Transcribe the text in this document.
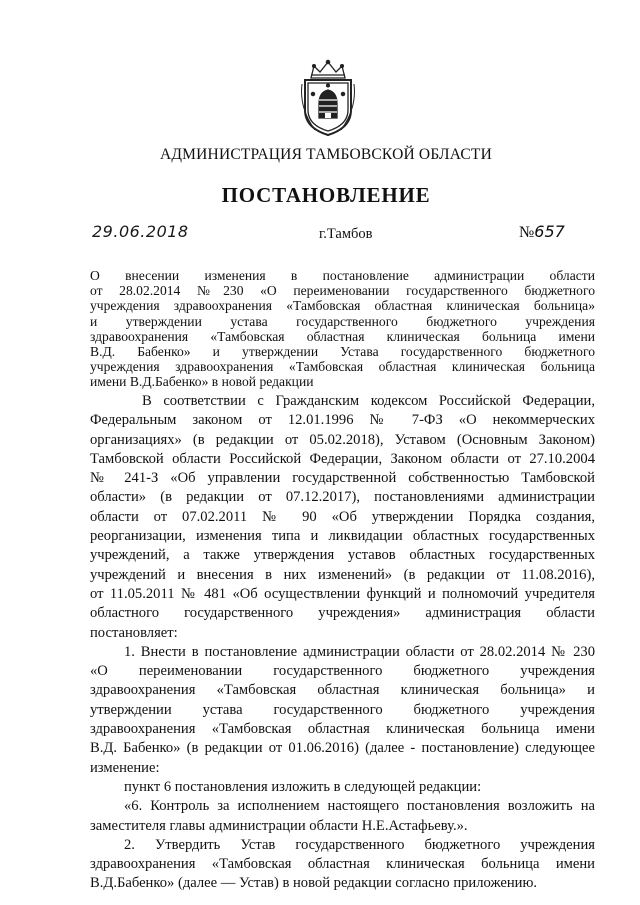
АДМИНИСТРАЦИЯ ТАМБОВСКОЙ ОБЛАСТИ
ПОСТАНОВЛЕНИЕ
29.06.2018	г.Тамбов	№657
О внесении изменения в постановление администрации области
от 28.02.2014 №230 «О переименовании государственного бюджетного
учреждения здравоохранения «Тамбовская областная клиническая больница»
и утверждении устава государственного бюджетного учреждения
здравоохранения «Тамбовская областная клиническая больница имени
В.Д. Бабенко» и утверждении Устава государственного бюджетного
учреждения здравоохранения «Тамбовская областная клиническая больница
имени В.Д.Бабенко» в новой редакции
В соответствии с Гражданским кодексом Российской Федерации,
Федеральным законом от 12.01.1996 № 7-ФЗ «О некоммерческих
организациях» (в редакции от 05.02.2018), Уставом (Основным Законом)
Тамбовской области Российской Федерации, Законом области от 27.10.2004
№ 241-З «Об управлении государственной собственностью Тамбовской
области» (в редакции от 07.12.2017), постановлениями администрации
области от 07.02.2011 № 90 «Об утверждении Порядка создания,
реорганизации, изменения типа и ликвидации областных государственных
учреждений, а также утверждения уставов областных государственных
учреждений и внесения в них изменений» (в редакции от 11.08.2016),
от 11.05.2011 № 481 «Об осуществлении функций и полномочий учредителя
областного государственного учреждения» администрация области
постановляет:
1. Внести в постановление администрации области от 28.02.2014 № 230
«О переименовании государственного бюджетного учреждения
здравоохранения «Тамбовская областная клиническая больница» и
утверждении устава государственного бюджетного учреждения
здравоохранения «Тамбовская областная клиническая больница имени
В.Д. Бабенко» (в редакции от 01.06.2016) (далее - постановление) следующее
изменение:
пункт 6 постановления изложить в следующей редакции:
«6. Контроль за исполнением настоящего постановления возложить на
заместителя главы администрации области Н.Е.Астафьеву.».
2. Утвердить Устав государственного бюджетного учреждения
здравоохранения «Тамбовская областная клиническая больница имени
В.Д.Бабенко» (далее — Устав) в новой редакции согласно приложению.
